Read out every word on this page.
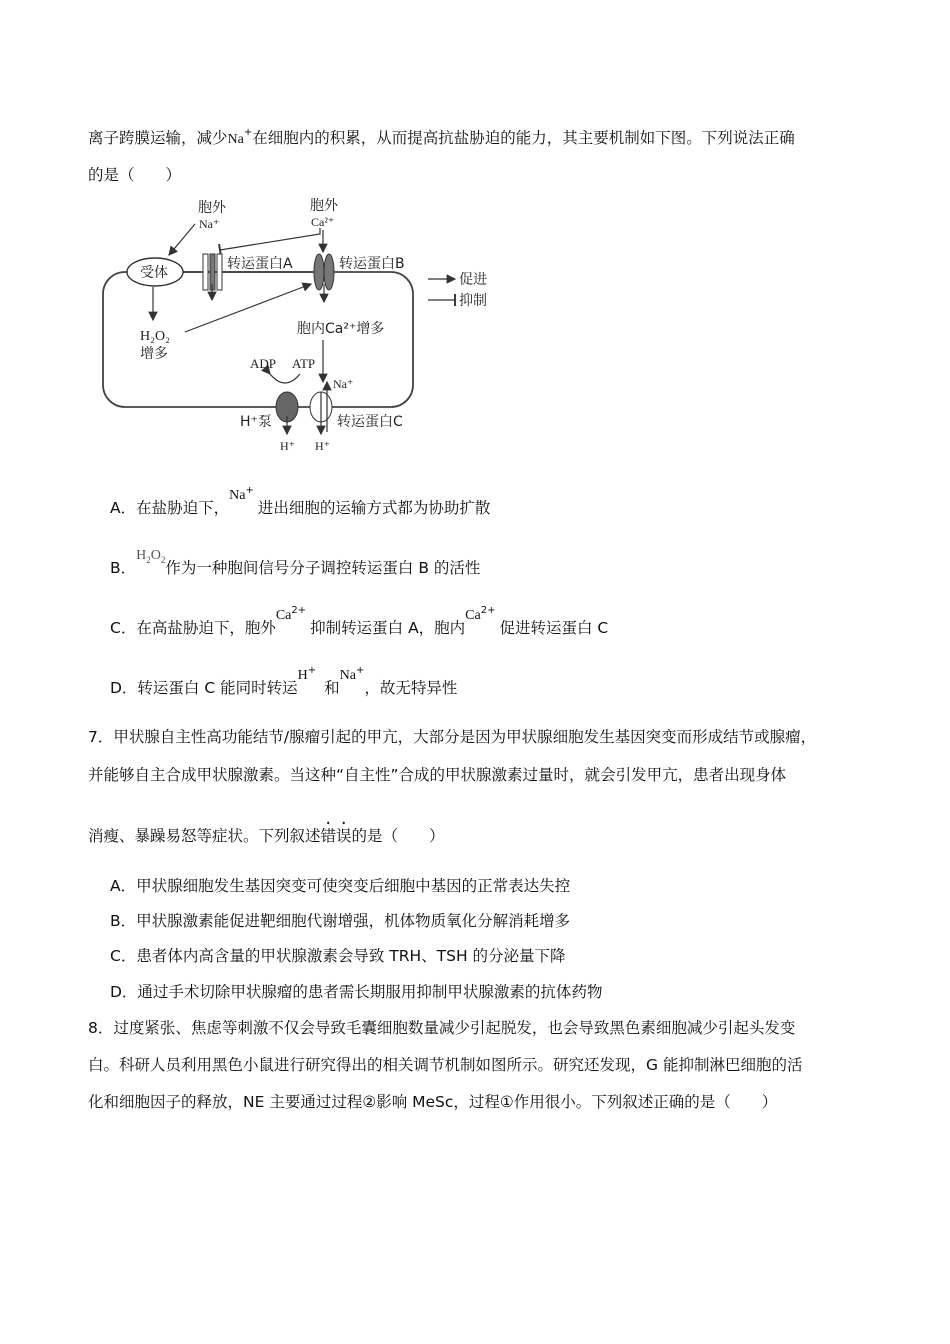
离子跨膜运输，减少Na+在细胞内的积累，从而提高抗盐胁迫的能力，其主要机制如下图。下列说法正确
的是（　　）
胞外
Na⁺
胞外
Ca²⁺
受体
转运蛋白A	转运蛋白B
促进
抑制
H₂O₂
增多
胞内Ca²⁺增多
ADP ATP
H⁺泵
H⁺
Na⁺
转运蛋白C
H⁺
A．在盐胁迫下，Na+进出细胞的运输方式都为协助扩散
B．$H_2O_2$作为一种胞间信号分子调控转运蛋白 B 的活性
C．在高盐胁迫下，胞外$Ca^{2+}$抑制转运蛋白 A，胞内$Ca^{2+}$促进转运蛋白 C
D．转运蛋白 C 能同时转运H+和Na+，故无特异性
7．甲状腺自主性高功能结节/腺瘤引起的甲亢，大部分是因为甲状腺细胞发生基因突变而形成结节或腺瘤，
并能够自主合成甲状腺激素。当这种“自主性”合成的甲状腺激素过量时，就会引发甲亢，患者出现身体
消瘦、暴躁易怒等症状。下列叙述错误的是（　　）
A．甲状腺细胞发生基因突变可使突变后细胞中基因的正常表达失控
B．甲状腺激素能促进靶细胞代谢增强，机体物质氧化分解消耗增多
C．患者体内高含量的甲状腺激素会导致 TRH、TSH 的分泌量下降
D．通过手术切除甲状腺瘤的患者需长期服用抑制甲状腺激素的抗体药物
8．过度紧张、焦虑等刺激不仅会导致毛囊细胞数量减少引起脱发，也会导致黑色素细胞减少引起头发变
白。科研人员利用黑色小鼠进行研究得出的相关调节机制如图所示。研究还发现，G 能抑制淋巴细胞的活
化和细胞因子的释放，NE 主要通过过程②影响 MeSc，过程①作用很小。下列叙述正确的是（　　）
